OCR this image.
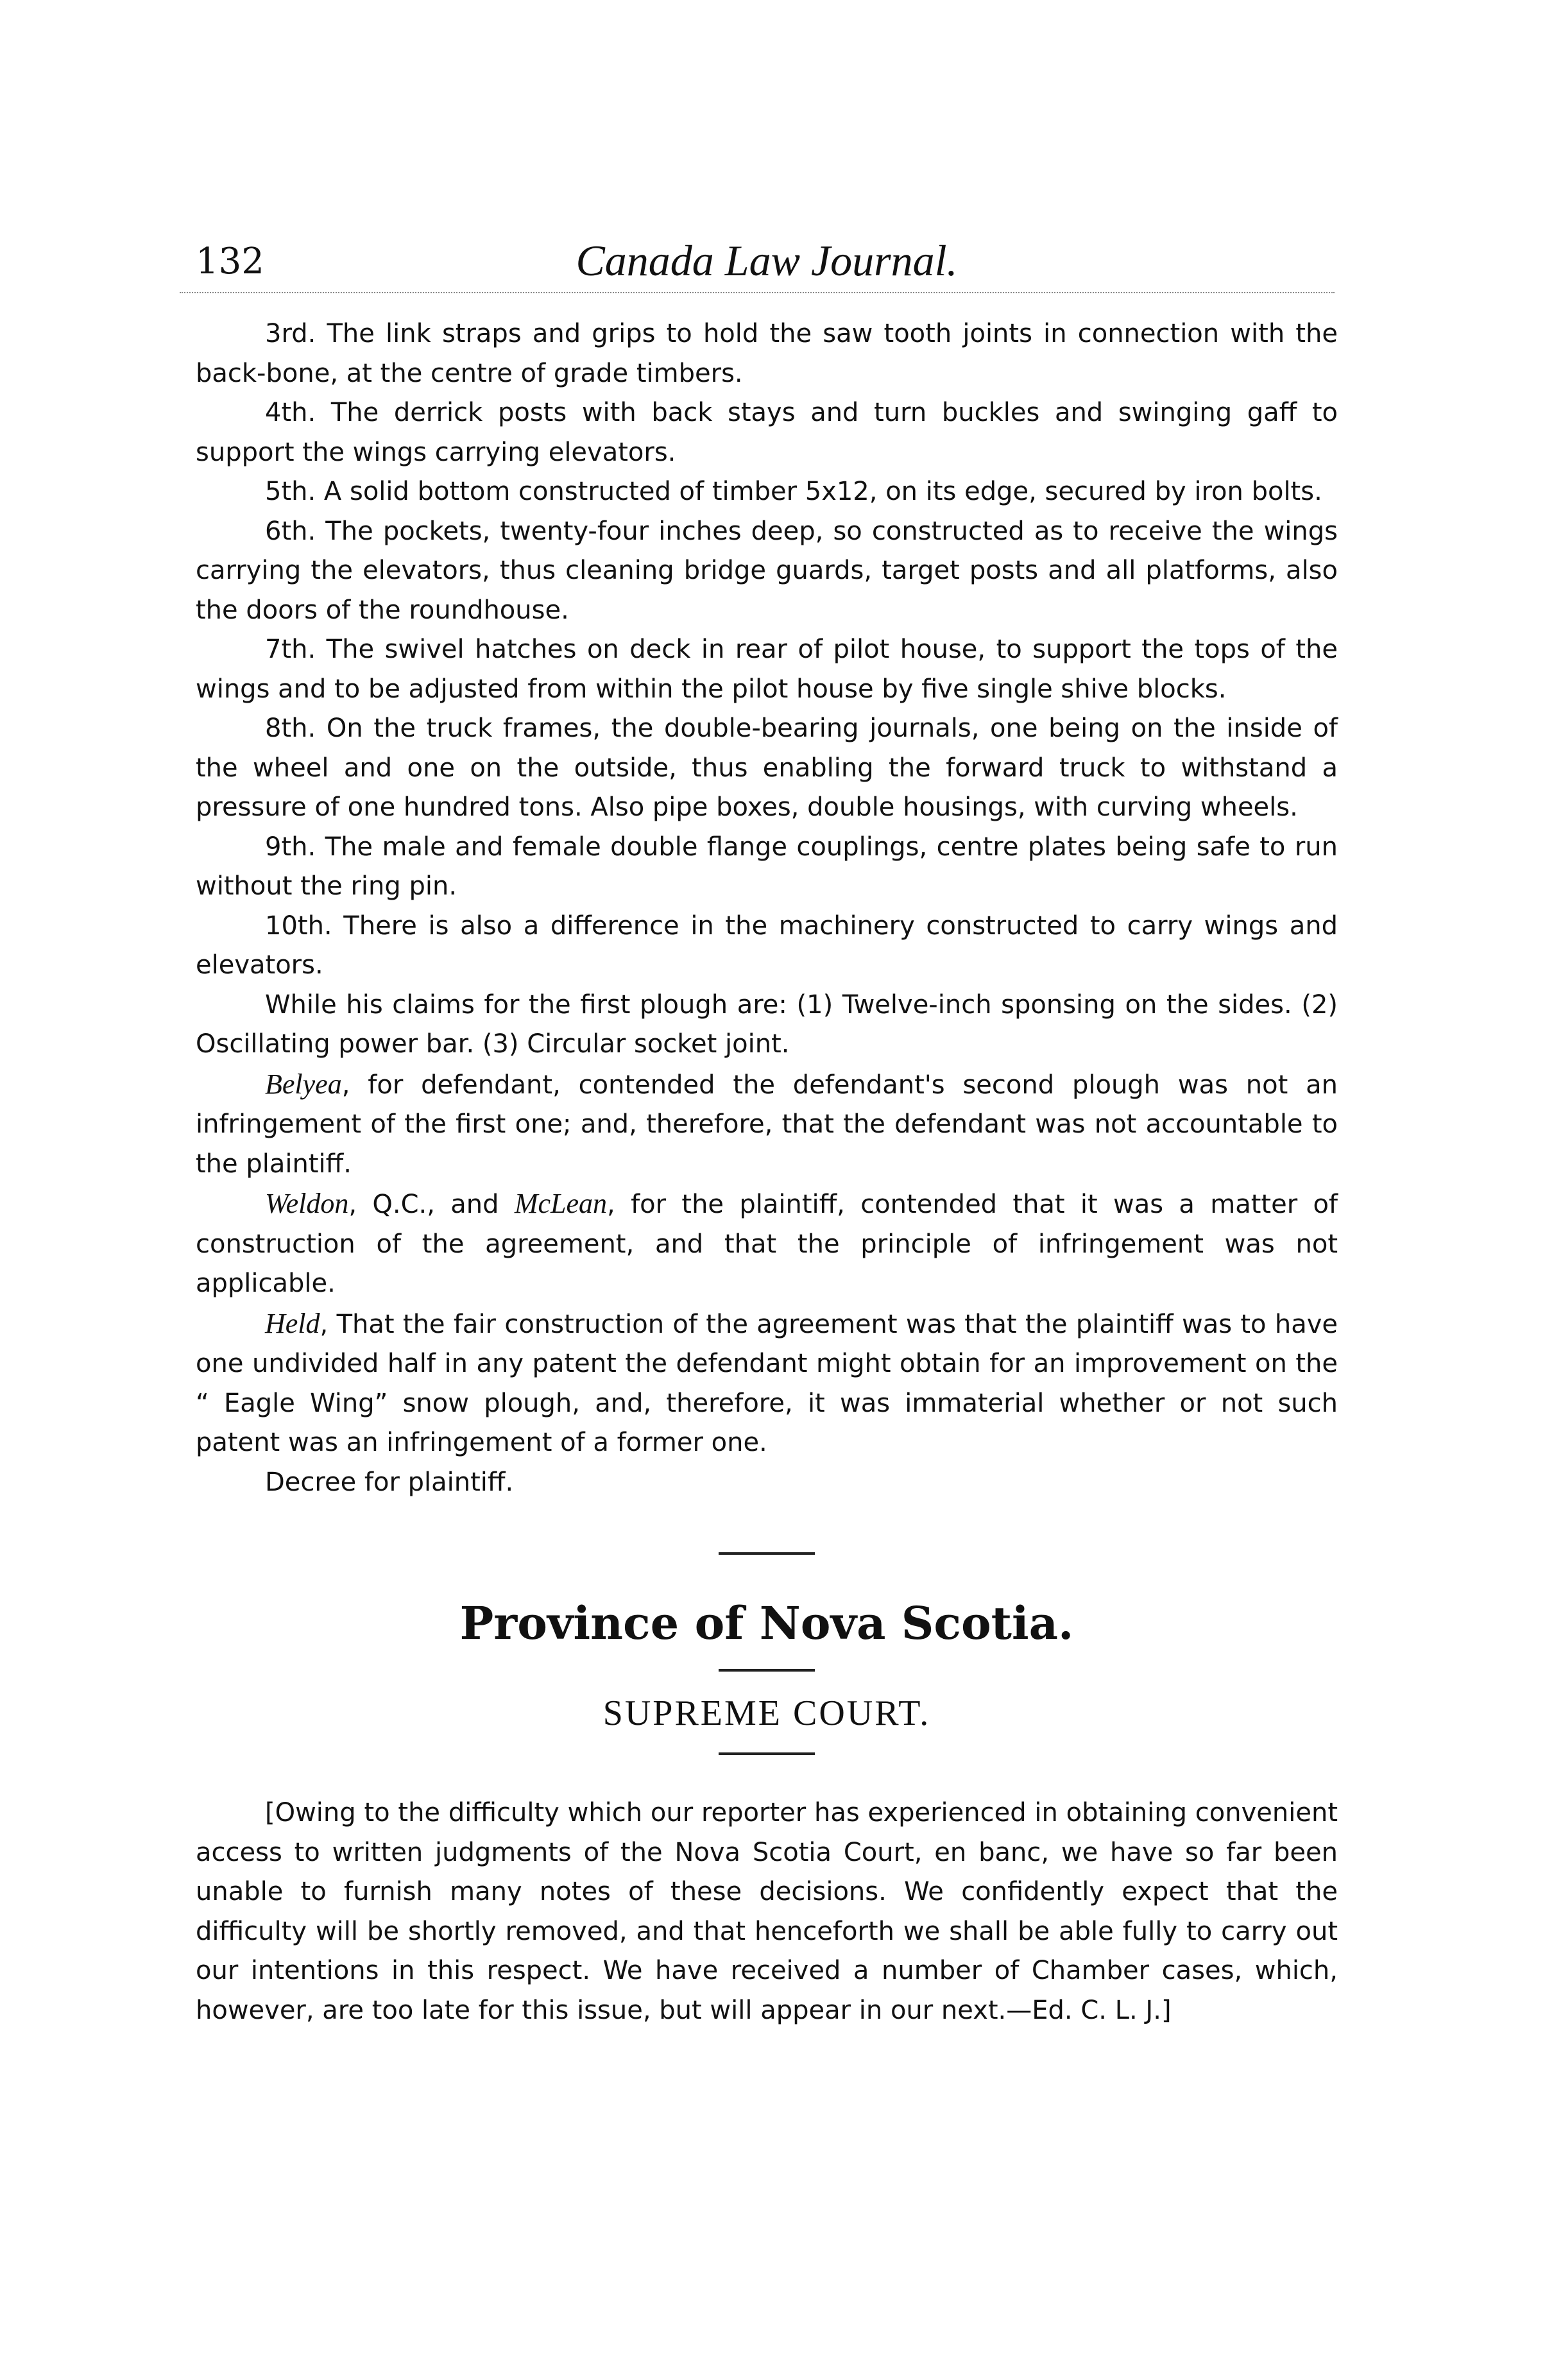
132	Canada Law Journal.

3rd. The link straps and grips to hold the saw tooth joints in connection with the back-bone, at the centre of grade timbers.

4th. The derrick posts with back stays and turn buckles and swinging gaff to support the wings carrying elevators.

5th. A solid bottom constructed of timber 5x12, on its edge, secured by iron bolts.

6th. The pockets, twenty-four inches deep, so constructed as to receive the wings carrying the elevators, thus cleaning bridge guards, target posts and all platforms, also the doors of the roundhouse.

7th. The swivel hatches on deck in rear of pilot house, to support the tops of the wings and to be adjusted from within the pilot house by five single shive blocks.

8th. On the truck frames, the double-bearing journals, one being on the inside of the wheel and one on the outside, thus enabling the forward truck to withstand a pressure of one hundred tons. Also pipe boxes, double housings, with curving wheels.

9th. The male and female double flange couplings, centre plates being safe to run without the ring pin.

10th. There is also a difference in the machinery constructed to carry wings and elevators.

While his claims for the first plough are: (1) Twelve-inch sponsing on the sides. (2) Oscillating power bar. (3) Circular socket joint.

Belyea, for defendant, contended the defendant's second plough was not an infringement of the first one; and, therefore, that the defendant was not accountable to the plaintiff.

Weldon, Q.C., and McLean, for the plaintiff, contended that it was a matter of construction of the agreement, and that the principle of infringement was not applicable.

Held, That the fair construction of the agreement was that the plaintiff was to have one undivided half in any patent the defendant might obtain for an improvement on the “ Eagle Wing” snow plough, and, therefore, it was immaterial whether or not such patent was an infringement of a former one.

Decree for plaintiff.

Province of Nova Scotia.
SUPREME COURT.

[Owing to the difficulty which our reporter has experienced in obtaining convenient access to written judgments of the Nova Scotia Court, en banc, we have so far been unable to furnish many notes of these decisions. We confidently expect that the difficulty will be shortly removed, and that henceforth we shall be able fully to carry out our intentions in this respect. We have received a number of Chamber cases, which, however, are too late for this issue, but will appear in our next.—Ed. C. L. J.]
